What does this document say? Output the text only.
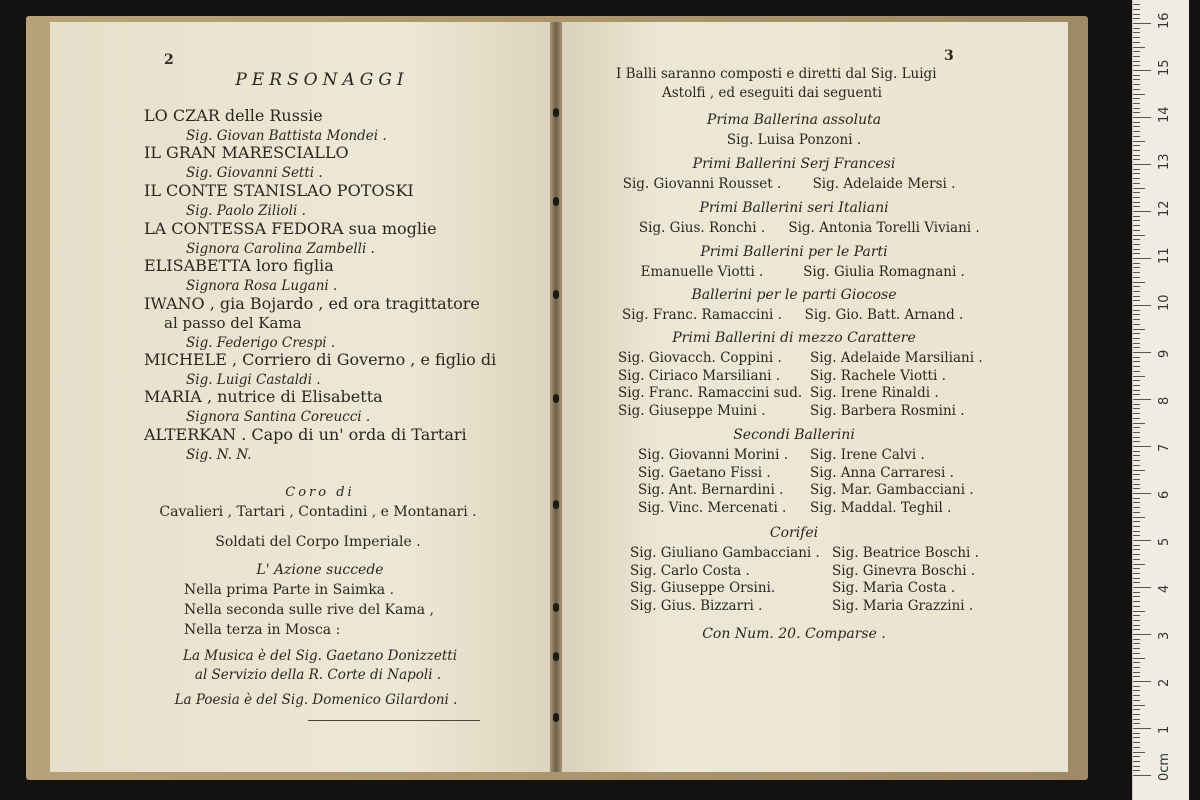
2
PERSONAGGI
LO CZAR delle Russie
Sig. Giovan Battista Mondei .
IL GRAN MARESCIALLO
Sig. Giovanni Setti .
IL CONTE STANISLAO POTOSKI
Sig. Paolo Zilioli .
LA CONTESSA FEDORA sua moglie
Signora Carolina Zambelli .
ELISABETTA loro figlia
Signora Rosa Lugani .
IWANO , gia Bojardo , ed ora tragittatore
al passo del Kama
Sig. Federigo Crespi .
MICHELE , Corriero di Governo , e figlio di
Sig. Luigi Castaldi .
MARIA , nutrice di Elisabetta
Signora Santina Coreucci .
ALTERKAN . Capo di un' orda di Tartari
Sig. N. N.
Coro di
Cavalieri , Tartari , Contadini , e Montanari .
Soldati del Corpo Imperiale .
L' Azione succede
Nella prima Parte in Saimka .
Nella seconda sulle rive del Kama ,
Nella terza in Mosca :
La Musica è del Sig. Gaetano Donizzetti
al Servizio della R. Corte di Napoli .
La Poesia è del Sig. Domenico Gilardoni .
3
I Balli saranno composti e diretti dal Sig. Luigi
Astolfi , ed eseguiti dai seguenti
Prima Ballerina assoluta
Sig. Luisa Ponzoni .
Primi Ballerini Serj Francesi
Sig. Giovanni Rousset . Sig. Adelaide Mersi .
Primi Ballerini seri Italiani
Sig. Gius. Ronchi . Sig. Antonia Torelli Viviani .
Primi Ballerini per le Parti
Emanuelle Viotti .	Sig. Giulia Romagnani .
Ballerini per le parti Giocose
Sig. Franc. Ramaccini . Sig. Gio. Batt. Arnand .
Primi Ballerini di mezzo Carattere
Sig. Giovacch. Coppini . Sig. Adelaide Marsiliani .
Sig. Ciriaco Marsiliani . Sig. Rachele Viotti .
Sig. Franc. Ramaccini sud. Sig. Irene Rinaldi .
Sig. Giuseppe Muini .	Sig. Barbera Rosmini .
Secondi Ballerini
Sig. Giovanni Morini . Sig. Irene Calvi .
Sig. Gaetano Fissi .	Sig. Anna Carraresi .
Sig. Ant. Bernardini . Sig. Mar. Gambacciani .
Sig. Vinc. Mercenati . Sig. Maddal. Teghil .
Corifei
Sig. Giuliano Gambacciani . Sig. Beatrice Boschi .
Sig. Carlo Costa .	Sig. Ginevra Boschi .
Sig. Giuseppe Orsini.	Sig. Maria Costa .
Sig. Gius. Bizzarri .	Sig. Maria Grazzini .
Con Num. 20. Comparse .
0cm
1
2
3
4
5
6
7
8
9
10
11
12
13
14
15
16
